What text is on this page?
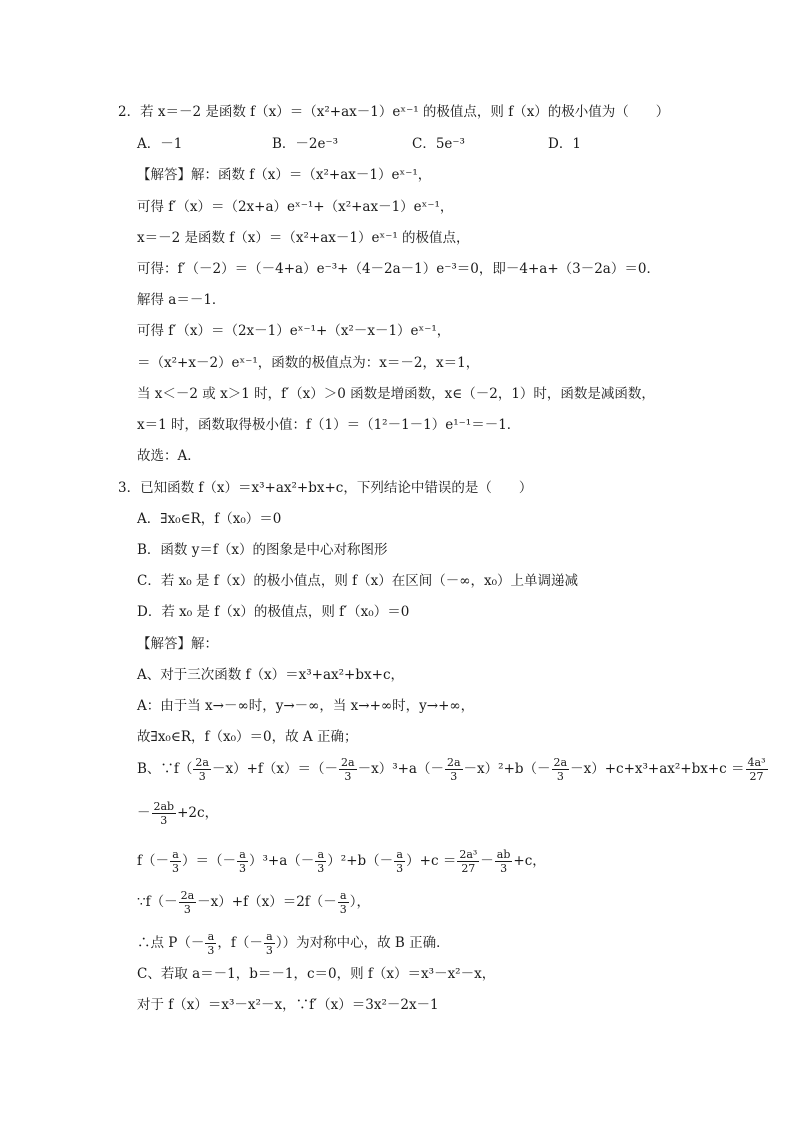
2．若 x＝－2 是函数 f（x）＝（x²+ax－1）eˣ⁻¹ 的极值点，则 f（x）的极小值为（　　）
A．－1	B．－2e⁻³	C．5e⁻³	D．1
【解答】解：函数 f（x）＝（x²+ax－1）eˣ⁻¹，
可得 f′（x）＝（2x+a）eˣ⁻¹+（x²+ax－1）eˣ⁻¹，
x＝－2 是函数 f（x）＝（x²+ax－1）eˣ⁻¹ 的极值点，
可得：f′（－2）＝（－4+a）e⁻³+（4－2a－1）e⁻³＝0，即－4+a+（3－2a）＝0．
解得 a＝－1．
可得 f′（x）＝（2x－1）eˣ⁻¹+（x²－x－1）eˣ⁻¹，
＝（x²+x－2）eˣ⁻¹，函数的极值点为：x＝－2，x＝1，
当 x＜－2 或 x＞1 时，f′（x）＞0 函数是增函数，x∈（－2，1）时，函数是减函数，
x＝1 时，函数取得极小值：f（1）＝（1²－1－1）e¹⁻¹＝－1．
故选：A．
3．已知函数 f（x）＝x³+ax²+bx+c，下列结论中错误的是（　　）
A．∃x₀∈R，f（x₀）＝0
B．函数 y＝f（x）的图象是中心对称图形
C．若 x₀ 是 f（x）的极小值点，则 f（x）在区间（－∞，x₀）上单调递减
D．若 x₀ 是 f（x）的极值点，则 f′（x₀）＝0
【解答】解：
A、对于三次函数 f（x）＝x³+ax²+bx+c，
A：由于当 x→－∞时，y→－∞，当 x→+∞时，y→+∞，
故∃x₀∈R，f（x₀）＝0，故 A 正确；
B、∵f（ $\frac{2a}{3} -x)+f(x)=(- \frac{2a}{3} -x)^3+a(- \frac{2a}{3} -x)^2+b(- \frac{2a}{3} -x)+c+x^3+ax^2+bx+c = \frac{\text{4a³}}{27}$
－ $\frac{2ab}{3} +2c$，
$f(- \frac{a}{3}$ ）＝（－ $\frac{a}{3} )^3+a(- \frac{a}{3} )^2+b(- \frac{a}{3} )+c = \frac{\text{2a³}}{27} - \frac{ab}{3} +c$，
∵f（－ $\frac{2a}{3} -x)+f(x)=2f(- \frac{a}{3}$ ），
∴点 $P(- \frac{a}{3}$ ，$f(- \frac{a}{3}$ ））为对称中心，故 B 正确．
C、若取 a＝－1，b＝－1，c＝0，则 f（x）＝x³－x²－x，
对于 f（x）＝x³－x²－x，∵f′（x）＝3x²－2x－1
